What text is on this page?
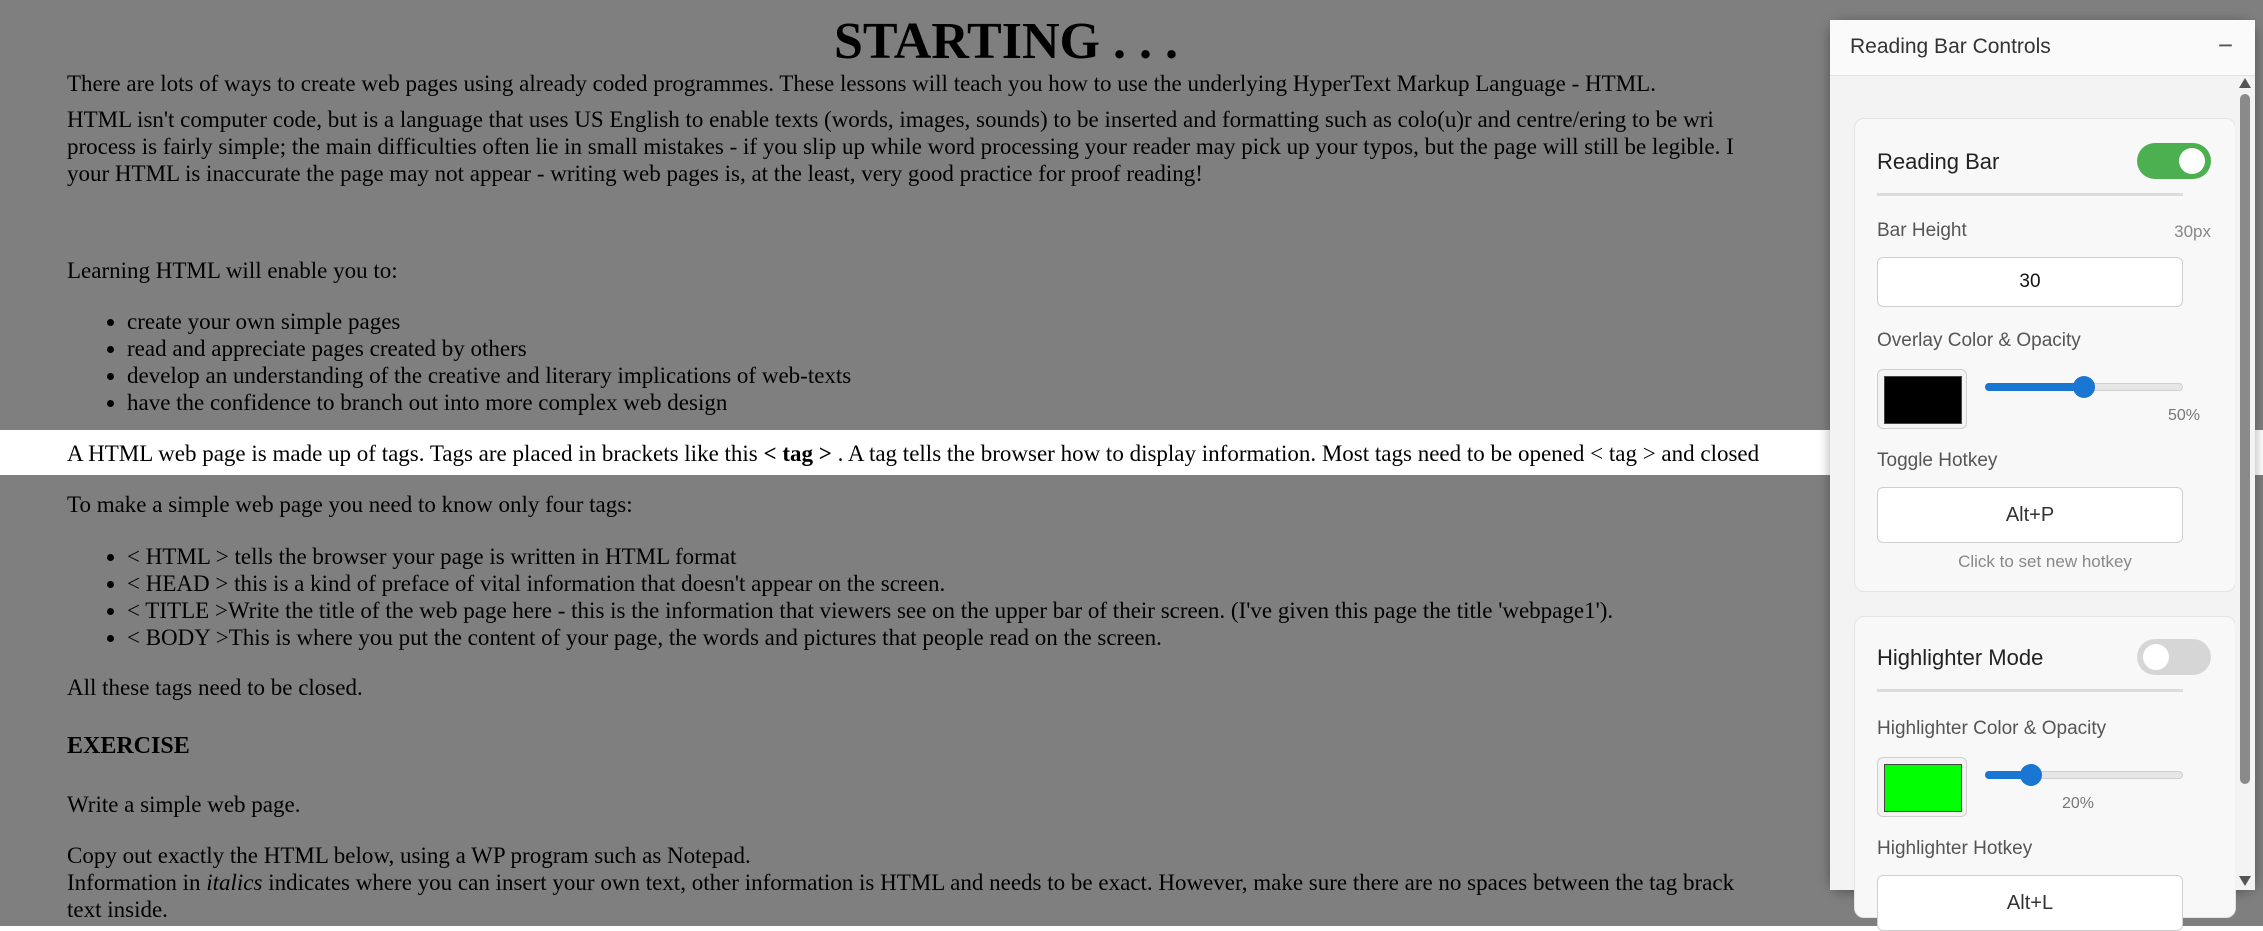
•
•
•
•

A HTML web page is made up of tags. Tags are placed in brackets like this < tag > . A tag tells the browser how to display information. Most tags need to be opened < tag > and closed

•
•
•
•

Reading Bar Controls	−
Reading Bar
Bar Height	30px
30
Overlay Color & Opacity
50%
Toggle Hotkey
Alt+P
Click to set new hotkey
Highlighter Mode
Highlighter Color & Opacity
20%
Highlighter Hotkey
Alt+L
